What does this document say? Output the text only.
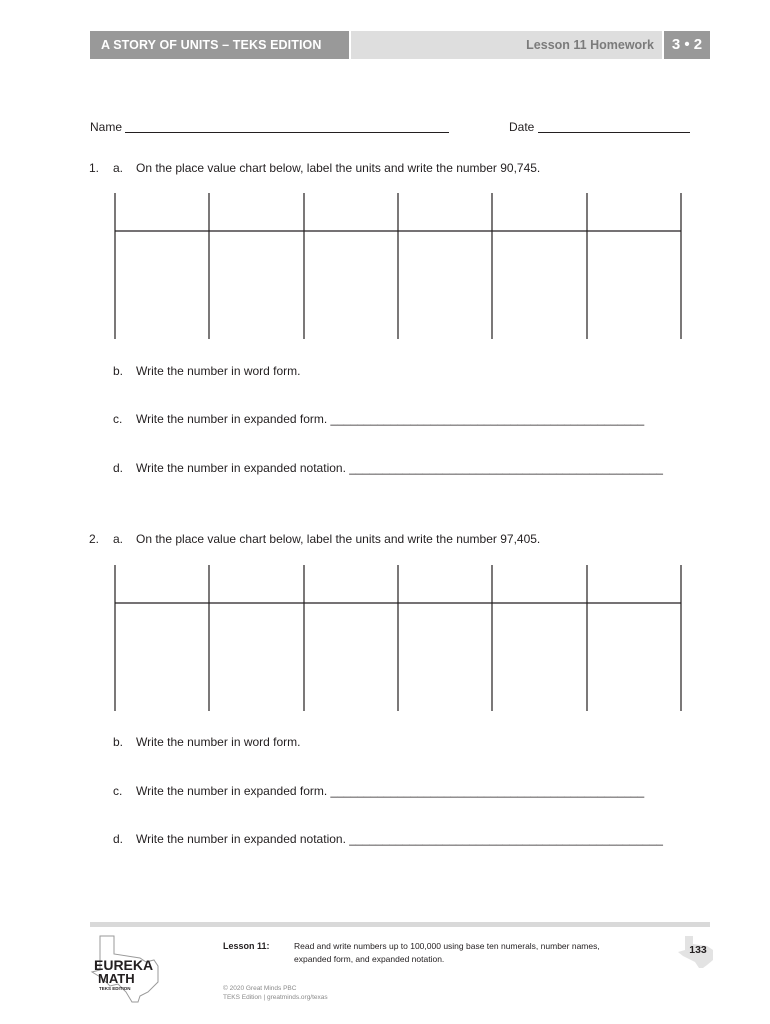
A STORY OF UNITS – TEKS EDITION	Lesson 11 Homework	3 • 2
Name	Date
1. a. On the place value chart below, label the units and write the number 90,745.
b. Write the number in word form.
c. Write the number in expanded form. _______________________________________________
d. Write the number in expanded notation. _______________________________________________
2. a. On the place value chart below, label the units and write the number 97,405.
b. Write the number in word form.
c. Write the number in expanded form. _______________________________________________
d. Write the number in expanded notation. _______________________________________________
EUREKA
MATH
TEKS EDITION
Lesson 11:	Read and write numbers up to 100,000 using base ten numerals, number names, expanded form, and expanded notation.
© 2020 Great Minds PBC
TEKS Edition | greatminds.org/texas
133
